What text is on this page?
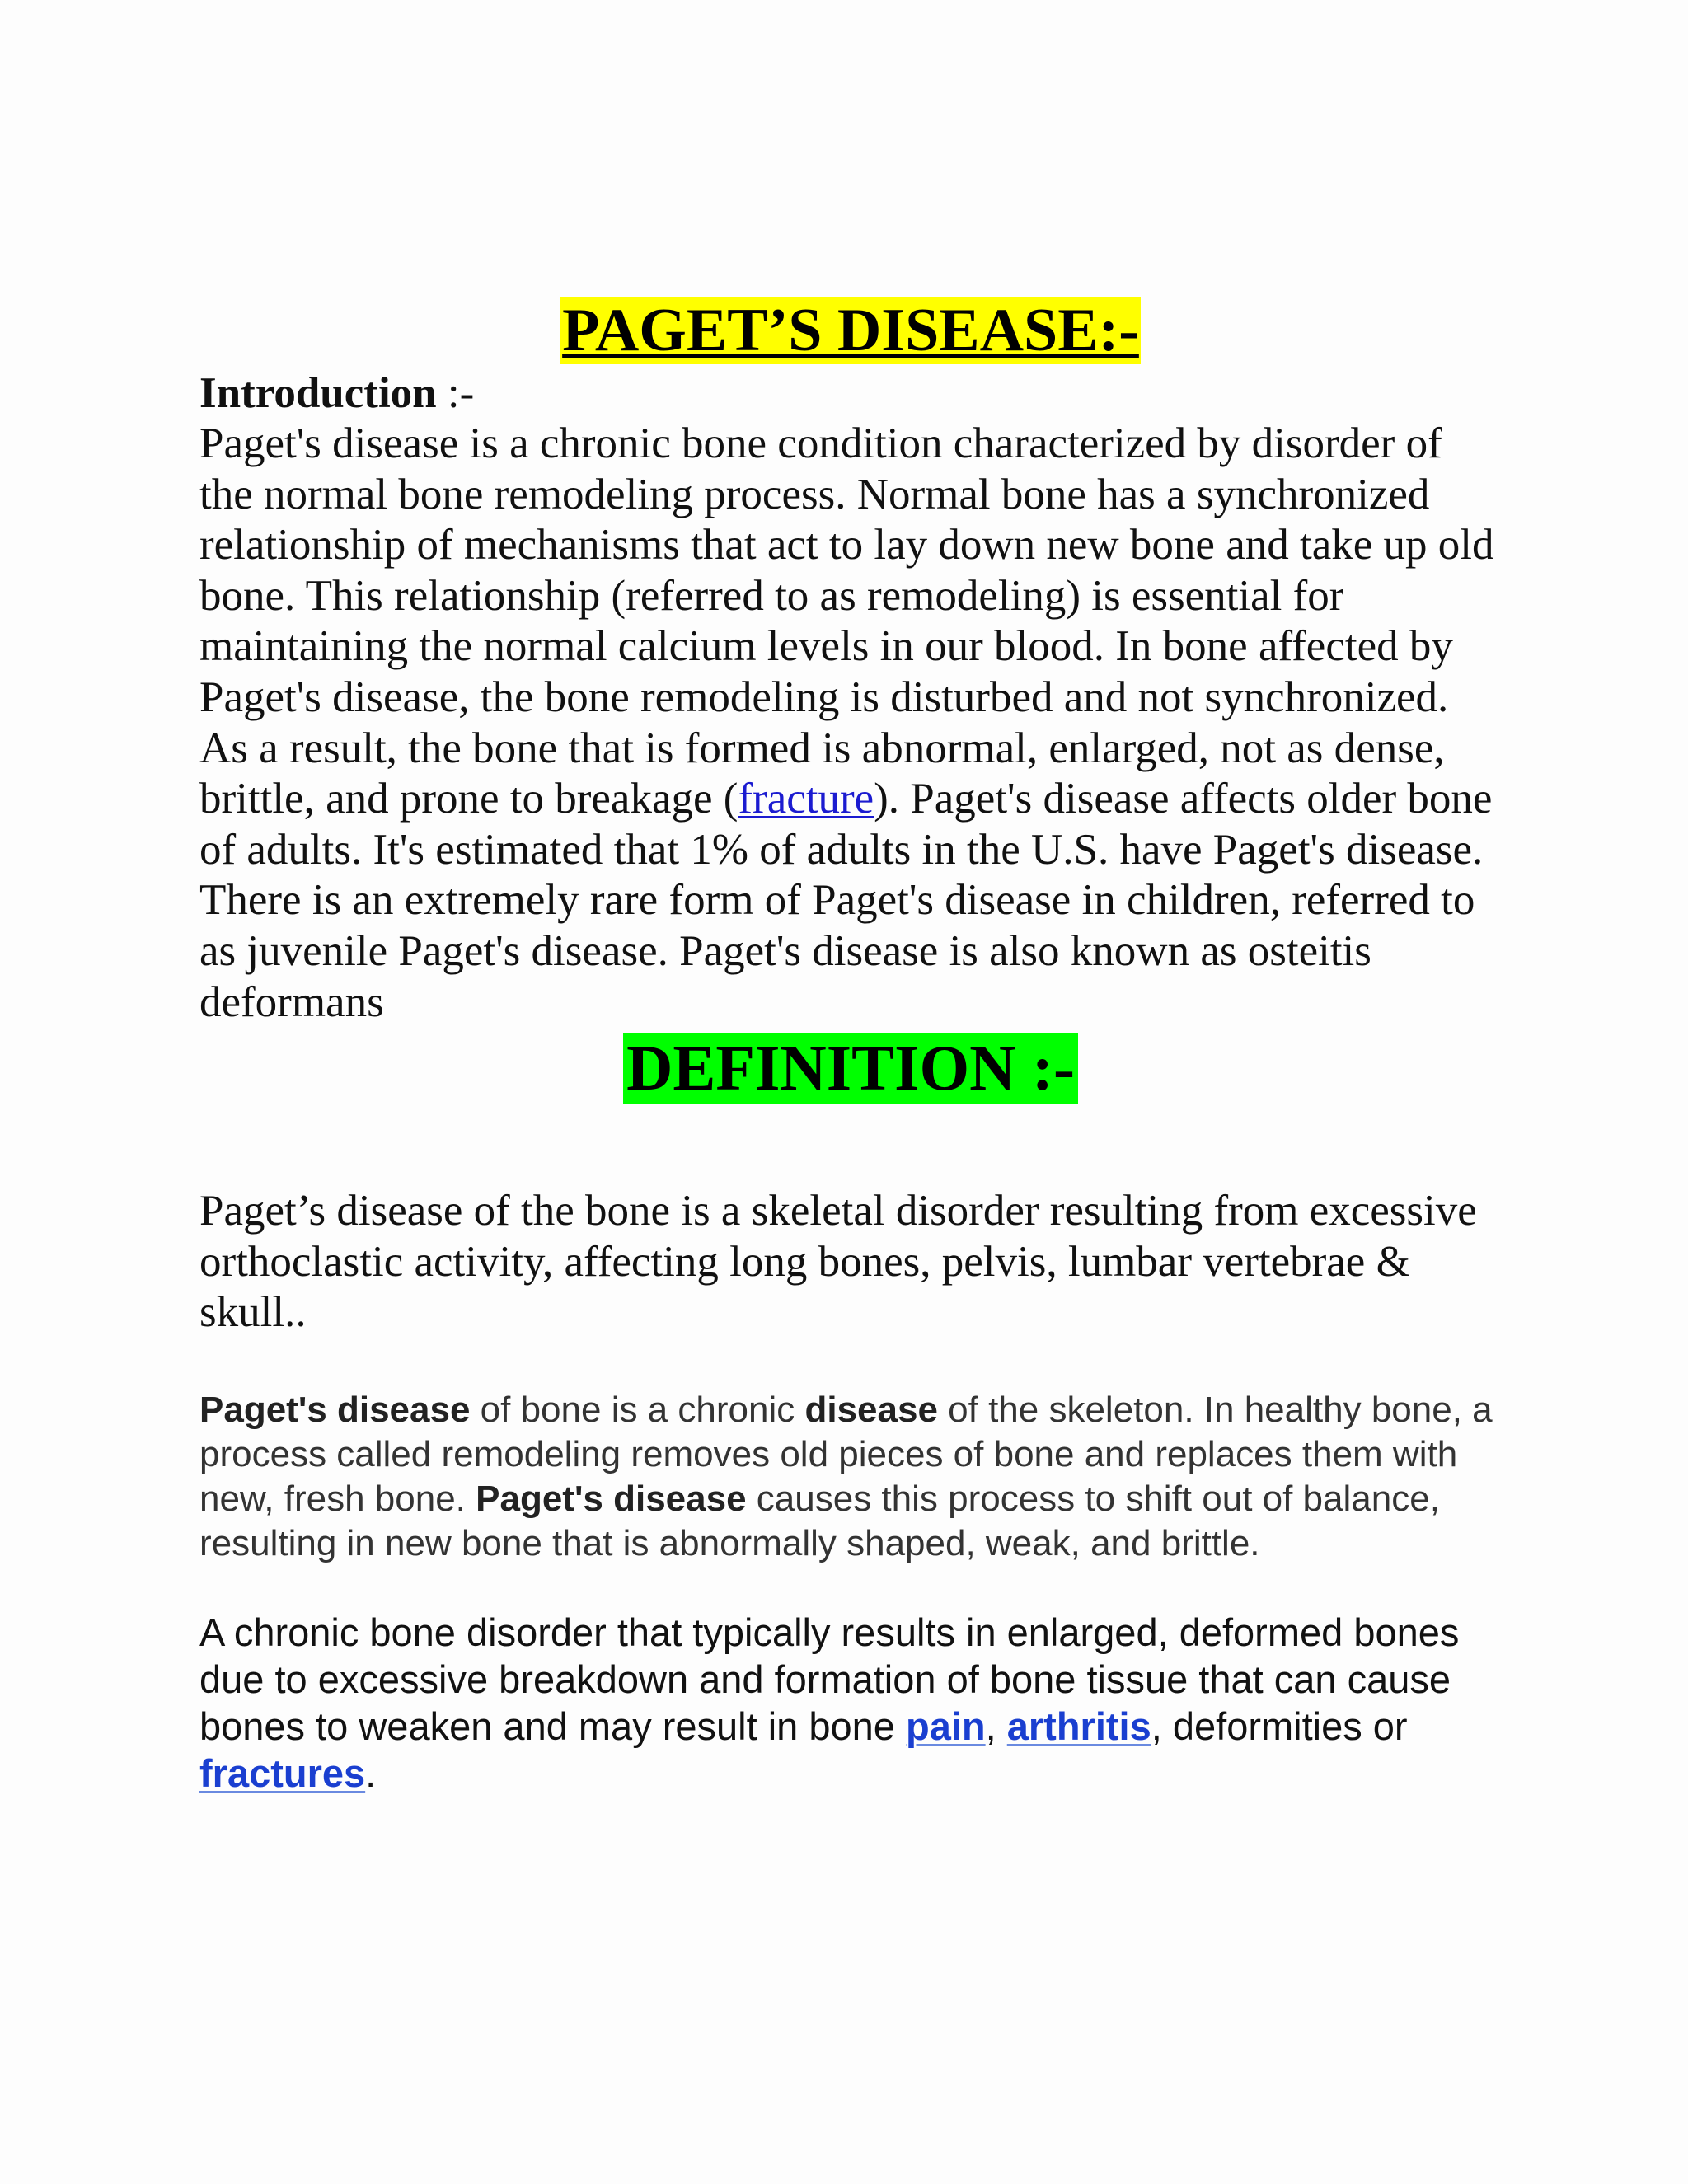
PAGET’S DISEASE:-

Introduction :-

Paget's disease is a chronic bone condition characterized by disorder of the normal bone remodeling process. Normal bone has a synchronized relationship of mechanisms that act to lay down new bone and take up old bone. This relationship (referred to as remodeling) is essential for maintaining the normal calcium levels in our blood. In bone affected by Paget's disease, the bone remodeling is disturbed and not synchronized. As a result, the bone that is formed is abnormal, enlarged, not as dense, brittle, and prone to breakage (fracture). Paget's disease affects older bone of adults. It's estimated that 1% of adults in the U.S. have Paget's disease. There is an extremely rare form of Paget's disease in children, referred to as juvenile Paget's disease. Paget's disease is also known as osteitis deformans

DEFINITION :-

Paget’s disease of the bone is a skeletal disorder resulting from excessive orthoclastic activity, affecting long bones, pelvis, lumbar vertebrae & skull..

Paget's disease of bone is a chronic disease of the skeleton. In healthy bone, a process called remodeling removes old pieces of bone and replaces them with new, fresh bone. Paget's disease causes this process to shift out of balance, resulting in new bone that is abnormally shaped, weak, and brittle.

A chronic bone disorder that typically results in enlarged, deformed bones due to excessive breakdown and formation of bone tissue that can cause bones to weaken and may result in bone pain, arthritis, deformities or fractures.
